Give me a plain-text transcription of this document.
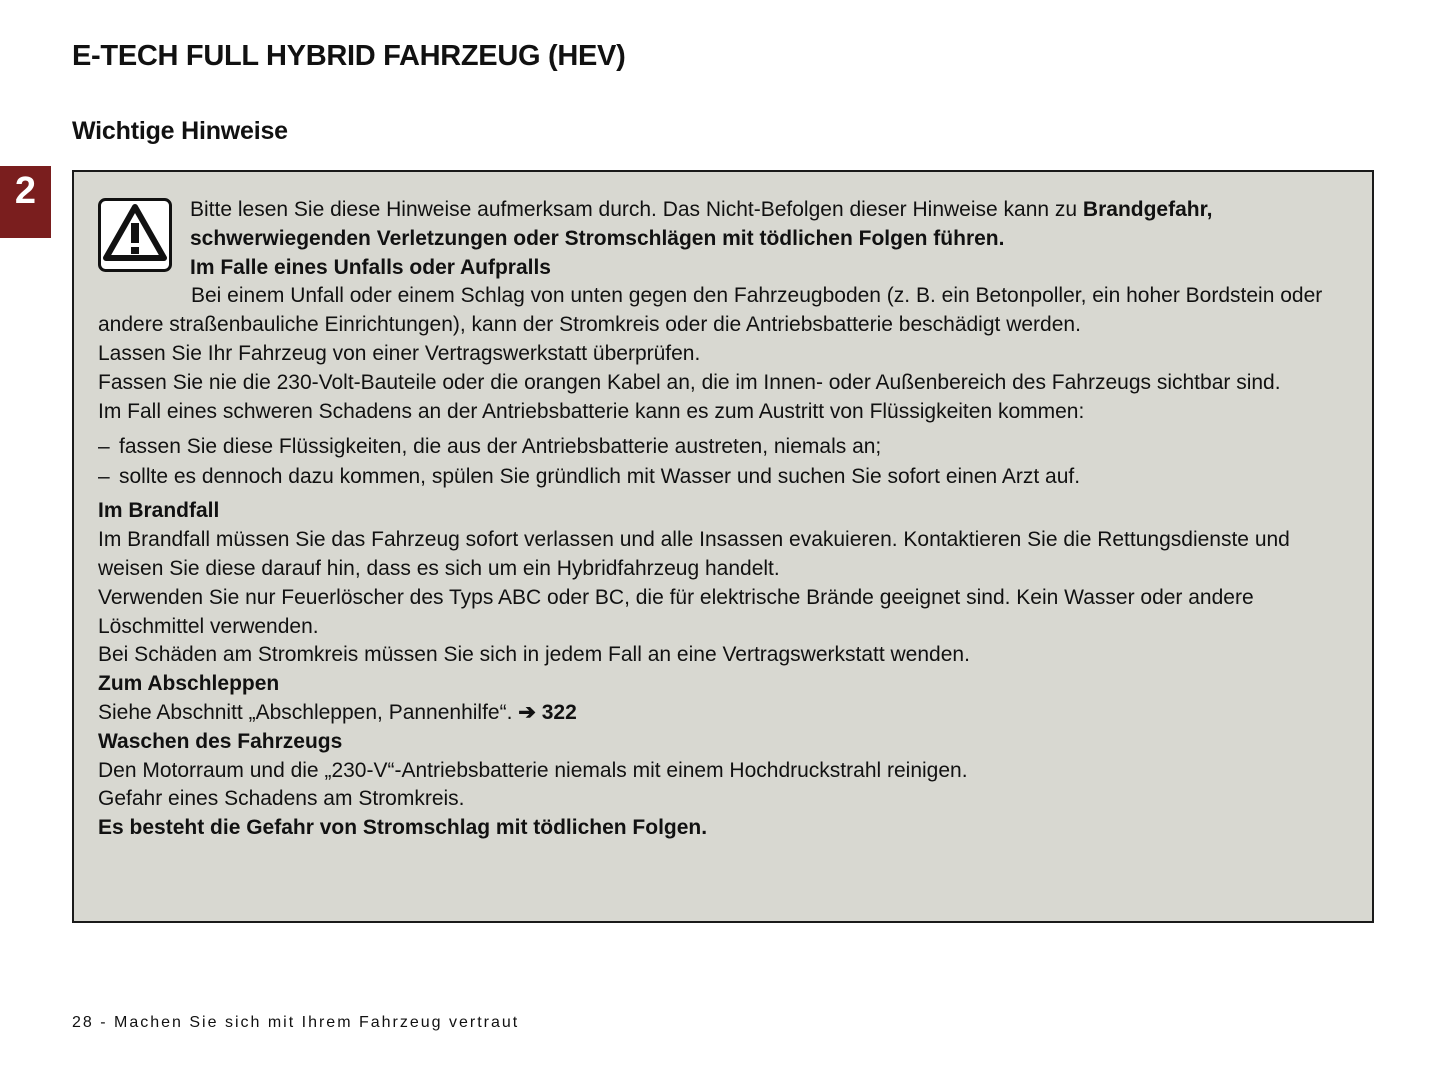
E-TECH FULL HYBRID FAHRZEUG (HEV)
Wichtige Hinweise
2	Bitte lesen Sie diese Hinweise aufmerksam durch. Das Nicht-Befolgen dieser Hinweise kann zu Brandgefahr, schwerwiegenden Verletzungen oder Stromschlägen mit tödlichen Folgen führen.

Im Falle eines Unfalls oder Aufpralls

Bei einem Unfall oder einem Schlag von unten gegen den Fahrzeugboden (z. B. ein Betonpoller, ein hoher Bordstein oder andere straßenbauliche Einrichtungen), kann der Stromkreis oder die Antriebsbatterie beschädigt werden.

Lassen Sie Ihr Fahrzeug von einer Vertragswerkstatt überprüfen.

Fassen Sie nie die 230-Volt-Bauteile oder die orangen Kabel an, die im Innen- oder Außenbereich des Fahrzeugs sichtbar sind.

Im Fall eines schweren Schadens an der Antriebsbatterie kann es zum Austritt von Flüssigkeiten kommen:

– fassen Sie diese Flüssigkeiten, die aus der Antriebsbatterie austreten, niemals an;
– sollte es dennoch dazu kommen, spülen Sie gründlich mit Wasser und suchen Sie sofort einen Arzt auf.

Im Brandfall

Im Brandfall müssen Sie das Fahrzeug sofort verlassen und alle Insassen evakuieren. Kontaktieren Sie die Rettungsdienste und weisen Sie diese darauf hin, dass es sich um ein Hybridfahrzeug handelt.

Verwenden Sie nur Feuerlöscher des Typs ABC oder BC, die für elektrische Brände geeignet sind. Kein Wasser oder andere Löschmittel verwenden.

Bei Schäden am Stromkreis müssen Sie sich in jedem Fall an eine Vertragswerkstatt wenden.

Zum Abschleppen

Siehe Abschnitt „Abschleppen, Pannenhilfe“. ➔ 322

Waschen des Fahrzeugs

Den Motorraum und die „230-V“-Antriebsbatterie niemals mit einem Hochdruckstrahl reinigen.

Gefahr eines Schadens am Stromkreis.

Es besteht die Gefahr von Stromschlag mit tödlichen Folgen.

28 - Machen Sie sich mit Ihrem Fahrzeug vertraut
